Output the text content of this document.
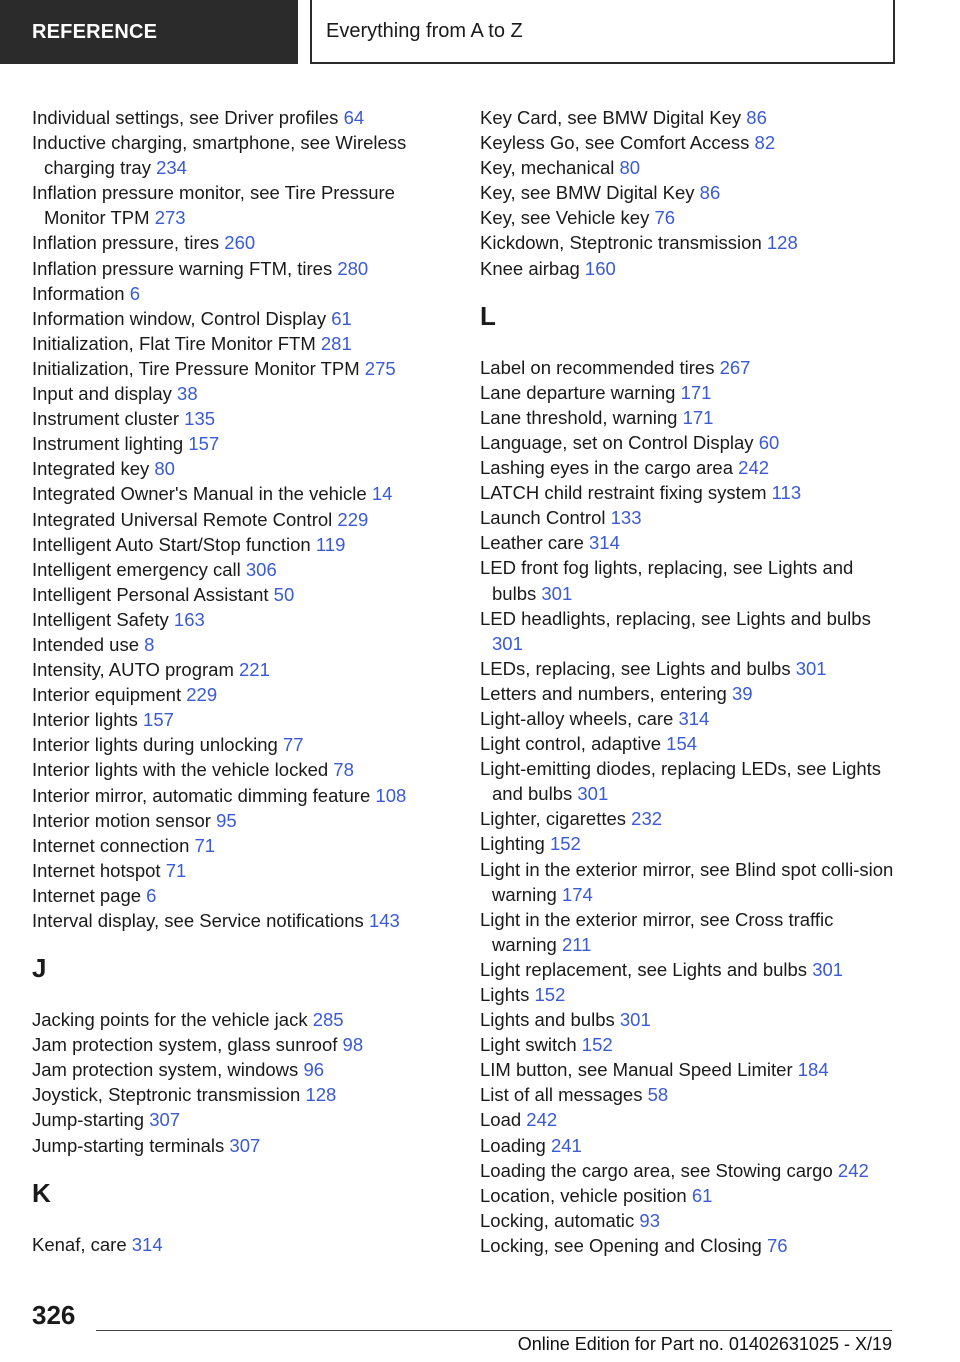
REFERENCE	Everything from A to Z
Individual settings, see Driver profiles 64
Inductive charging, smartphone, see Wireless charging tray 234
Inflation pressure monitor, see Tire Pressure Monitor TPM 273
Inflation pressure, tires 260
Inflation pressure warning FTM, tires 280
Information 6
Information window, Control Display 61
Initialization, Flat Tire Monitor FTM 281
Initialization, Tire Pressure Monitor TPM 275
Input and display 38
Instrument cluster 135
Instrument lighting 157
Integrated key 80
Integrated Owner's Manual in the vehicle 14
Integrated Universal Remote Control 229
Intelligent Auto Start/Stop function 119
Intelligent emergency call 306
Intelligent Personal Assistant 50
Intelligent Safety 163
Intended use 8
Intensity, AUTO program 221
Interior equipment 229
Interior lights 157
Interior lights during unlocking 77
Interior lights with the vehicle locked 78
Interior mirror, automatic dimming feature 108
Interior motion sensor 95
Internet connection 71
Internet hotspot 71
Internet page 6
Interval display, see Service notifications 143
J
Jacking points for the vehicle jack 285
Jam protection system, glass sunroof 98
Jam protection system, windows 96
Joystick, Steptronic transmission 128
Jump-starting 307
Jump-starting terminals 307
K
Kenaf, care 314
Key Card, see BMW Digital Key 86
Keyless Go, see Comfort Access 82
Key, mechanical 80
Key, see BMW Digital Key 86
Key, see Vehicle key 76
Kickdown, Steptronic transmission 128
Knee airbag 160
L
Label on recommended tires 267
Lane departure warning 171
Lane threshold, warning 171
Language, set on Control Display 60
Lashing eyes in the cargo area 242
LATCH child restraint fixing system 113
Launch Control 133
Leather care 314
LED front fog lights, replacing, see Lights and bulbs 301
LED headlights, replacing, see Lights and bulbs 301
LEDs, replacing, see Lights and bulbs 301
Letters and numbers, entering 39
Light-alloy wheels, care 314
Light control, adaptive 154
Light-emitting diodes, replacing LEDs, see Lights and bulbs 301
Lighter, cigarettes 232
Lighting 152
Light in the exterior mirror, see Blind spot colli-sion warning 174
Light in the exterior mirror, see Cross traffic warning 211
Light replacement, see Lights and bulbs 301
Lights 152
Lights and bulbs 301
Light switch 152
LIM button, see Manual Speed Limiter 184
List of all messages 58
Load 242
Loading 241
Loading the cargo area, see Stowing cargo 242
Location, vehicle position 61
Locking, automatic 93
Locking, see Opening and Closing 76
326
Online Edition for Part no. 01402631025 - X/19
